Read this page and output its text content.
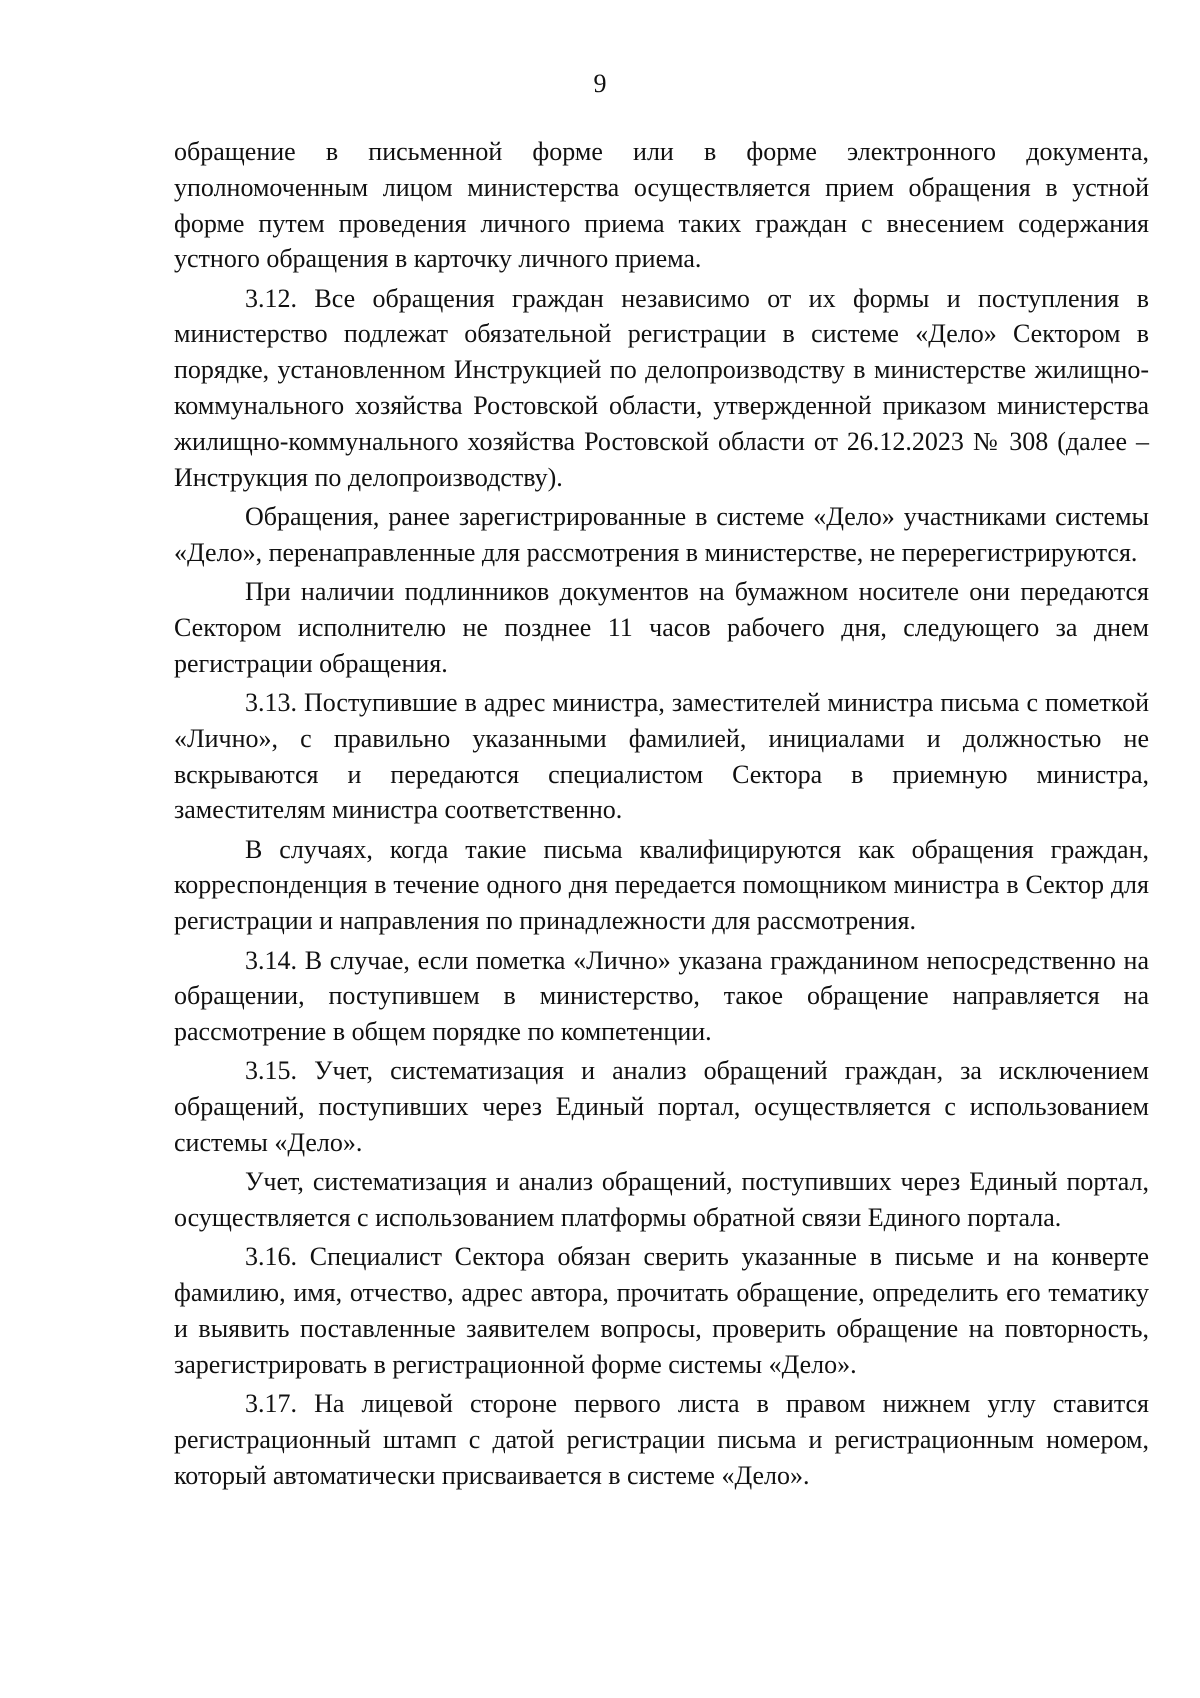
9

обращение в письменной форме или в форме электронного документа, уполномоченным лицом министерства осуществляется прием обращения в устной форме путем проведения личного приема таких граждан с внесением содержания устного обращения в карточку личного приема.

3.12. Все обращения граждан независимо от их формы и поступления в министерство подлежат обязательной регистрации в системе «Дело» Сектором в порядке, установленном Инструкцией по делопроизводству в министерстве жилищно-коммунального хозяйства Ростовской области, утвержденной приказом министерства жилищно-коммунального хозяйства Ростовской области от 26.12.2023 № 308 (далее – Инструкция по делопроизводству).

Обращения, ранее зарегистрированные в системе «Дело» участниками системы «Дело», перенаправленные для рассмотрения в министерстве, не перерегистрируются.

При наличии подлинников документов на бумажном носителе они передаются Сектором исполнителю не позднее 11 часов рабочего дня, следующего за днем регистрации обращения.

3.13. Поступившие в адрес министра, заместителей министра письма с пометкой «Лично», с правильно указанными фамилией, инициалами и должностью не вскрываются и передаются специалистом Сектора в приемную министра, заместителям министра соответственно.

В случаях, когда такие письма квалифицируются как обращения граждан, корреспонденция в течение одного дня передается помощником министра в Сектор для регистрации и направления по принадлежности для рассмотрения.

3.14. В случае, если пометка «Лично» указана гражданином непосредственно на обращении, поступившем в министерство, такое обращение направляется на рассмотрение в общем порядке по компетенции.

3.15. Учет, систематизация и анализ обращений граждан, за исключением обращений, поступивших через Единый портал, осуществляется с использованием системы «Дело».

Учет, систематизация и анализ обращений, поступивших через Единый портал, осуществляется с использованием платформы обратной связи Единого портала.

3.16. Специалист Сектора обязан сверить указанные в письме и на конверте фамилию, имя, отчество, адрес автора, прочитать обращение, определить его тематику и выявить поставленные заявителем вопросы, проверить обращение на повторность, зарегистрировать в регистрационной форме системы «Дело».

3.17. На лицевой стороне первого листа в правом нижнем углу ставится регистрационный штамп с датой регистрации письма и регистрационным номером, который автоматически присваивается в системе «Дело».
